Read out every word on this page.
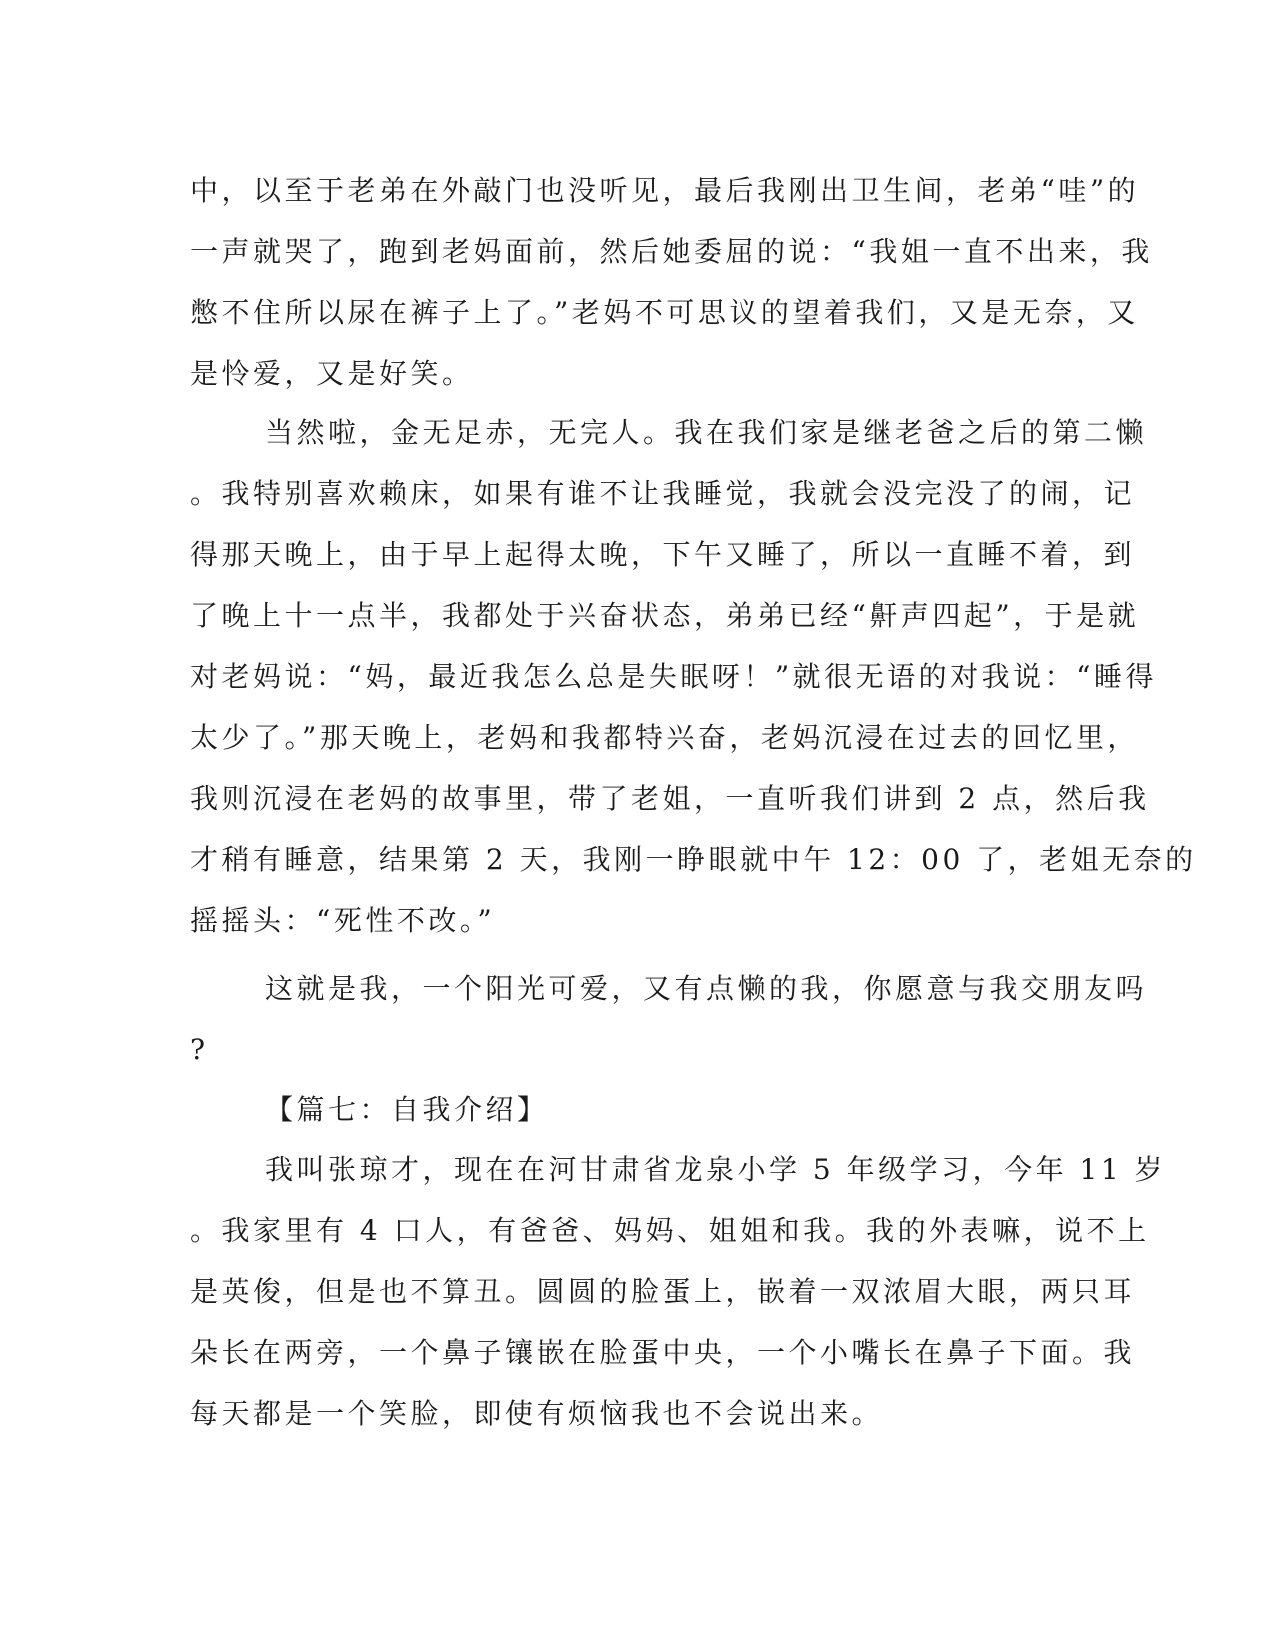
中，以至于老弟在外敲门也没听见，最后我刚出卫生间，老弟“哇”的
一声就哭了，跑到老妈面前，然后她委屈的说：“我姐一直不出来，我
憋不住所以尿在裤子上了。”老妈不可思议的望着我们，又是无奈，又
是怜爱，又是好笑。
当然啦，金无足赤，无完人。我在我们家是继老爸之后的第二懒
。我特别喜欢赖床，如果有谁不让我睡觉，我就会没完没了的闹，记
得那天晚上，由于早上起得太晚，下午又睡了，所以一直睡不着，到
了晚上十一点半，我都处于兴奋状态，弟弟已经“鼾声四起”，于是就
对老妈说：“妈，最近我怎么总是失眠呀！”就很无语的对我说：“睡得
太少了。”那天晚上，老妈和我都特兴奋，老妈沉浸在过去的回忆里，
我则沉浸在老妈的故事里，带了老姐，一直听我们讲到 2 点，然后我
才稍有睡意，结果第 2 天，我刚一睁眼就中午 12：00 了，老姐无奈的
摇摇头：“死性不改。”
这就是我，一个阳光可爱，又有点懒的我，你愿意与我交朋友吗
?
【篇七：自我介绍】
我叫张琼才，现在在河甘肃省龙泉小学 5 年级学习，今年 11 岁
。我家里有 4 口人，有爸爸、妈妈、姐姐和我。我的外表嘛，说不上
是英俊，但是也不算丑。圆圆的脸蛋上，嵌着一双浓眉大眼，两只耳
朵长在两旁，一个鼻子镶嵌在脸蛋中央，一个小嘴长在鼻子下面。我
每天都是一个笑脸，即使有烦恼我也不会说出来。
